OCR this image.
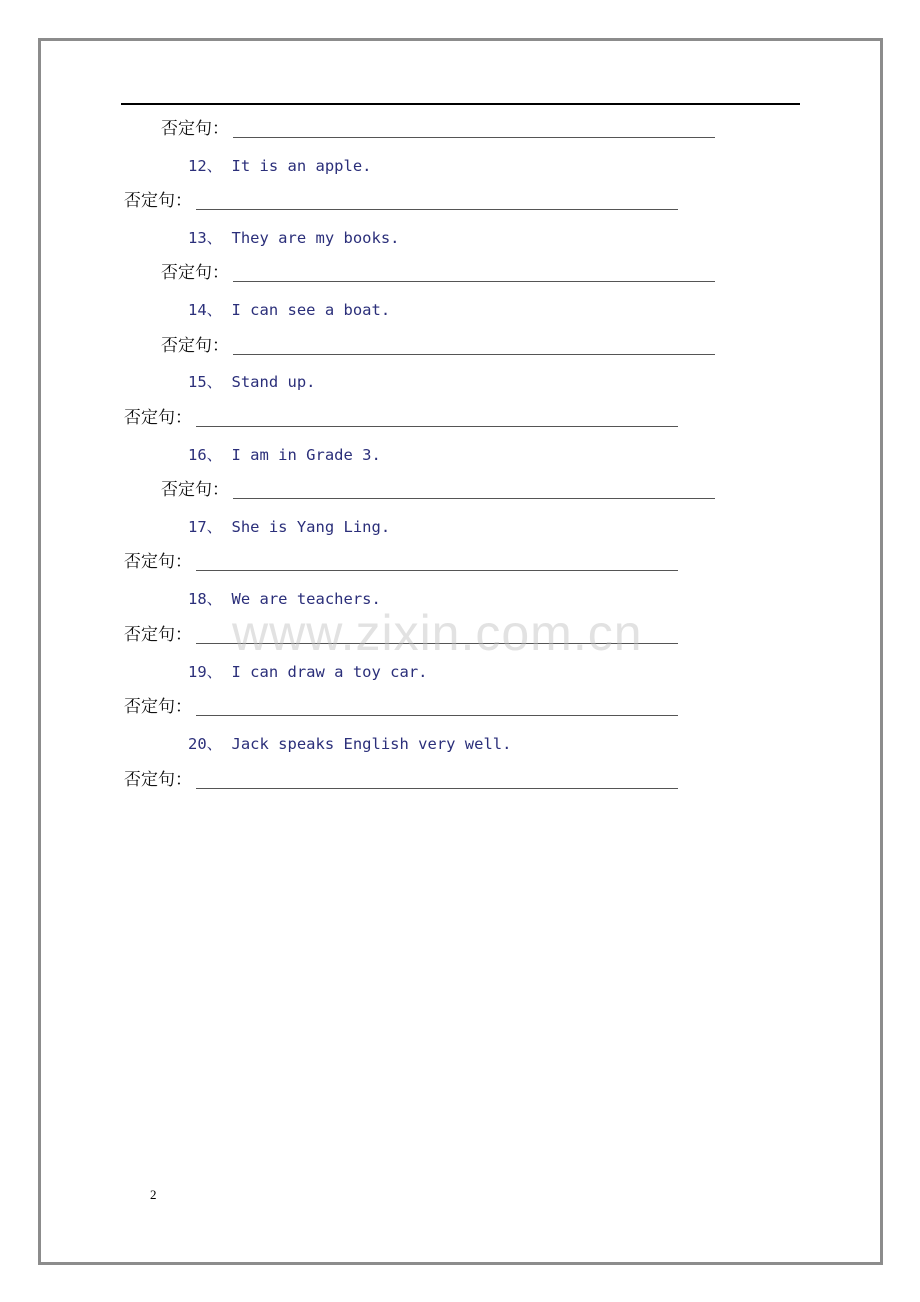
否定句：
12、
It is an apple.
否定句：
13、
They are my books.
否定句：
14、
I can see a boat.
否定句：
15、
Stand up.
否定句：
16、
I am in Grade 3.
否定句：
17、
She is Yang Ling.
否定句：
18、
We are teachers.
否定句：
19、
I can draw a toy car.
否定句：
20、
Jack speaks English very well.
否定句：
www.zixin.com.cn
2
